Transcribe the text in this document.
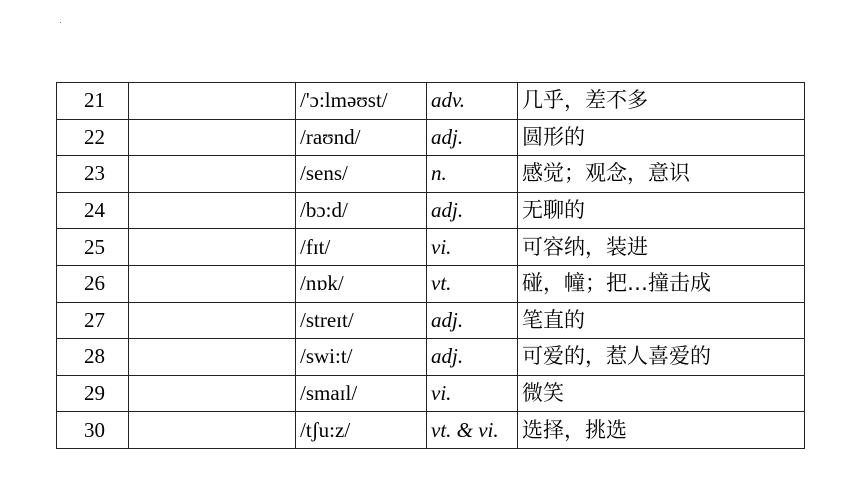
21		/'ɔ:lməʊst/	adv.	几乎，差不多
22		/raʊnd/	adj.	圆形的
23		/sens/	n.	感觉；观念，意识
24		/bɔ:d/	adj.	无聊的
25		/fɪt/	vi.	可容纳，装进
26		/nɒk/	vt.	碰，幢；把…撞击成
27		/streɪt/	adj.	笔直的
28		/swi:t/	adj.	可爱的，惹人喜爱的
29		/smaɪl/	vi.	微笑
30		/tʃu:z/	vt. & vi.	选择，挑选
